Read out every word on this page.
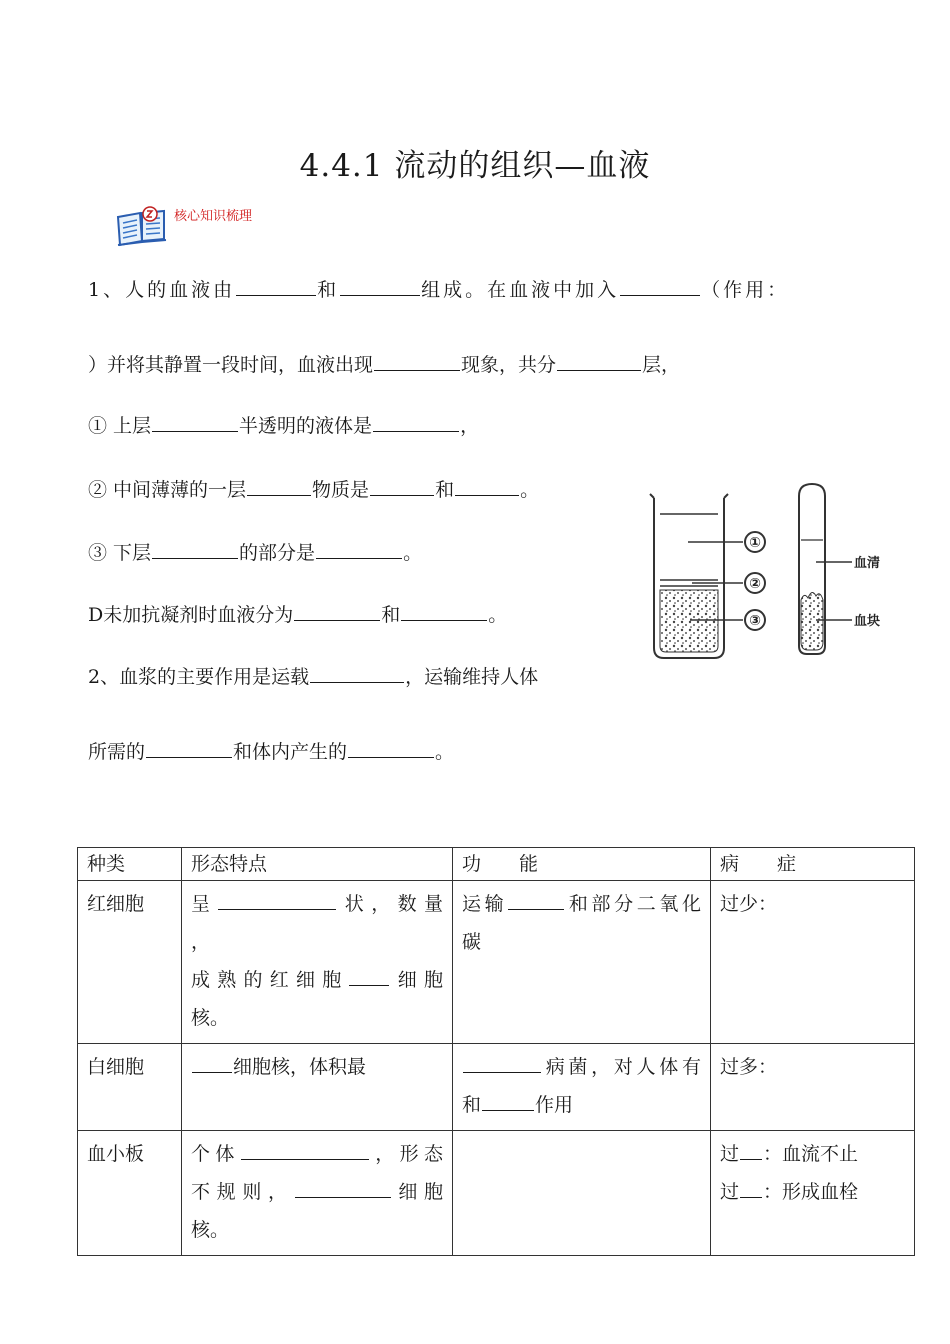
4.4.1 流动的组织—血液
核心知识梳理
1、人的血液由	和	组成。在血液中加入	（作用：
）并将其静置一段时间，血液出现	现象，共分	层，
① 上层	半透明的液体是	，
② 中间薄薄的一层	物质是	和	。
③ 下层	的部分是	。
D未加抗凝剂时血液分为	和	。
2、血浆的主要作用是运载	，运输维持人体
所需的	和体内产生的	。
①
②
③
血清
血块
种类	形态特点	功　　能	病　　症
红细胞	呈 状，数量
，
成熟的红细胞 细胞
核。	运输 和部分二氧化
碳	过少：
白细胞	细胞核，体积最	病菌，对人体有
和 作用	过多：
血小板	个体 ，形态
不规则， 细胞
核。		过 ：血流不止
过 ：形成血栓
